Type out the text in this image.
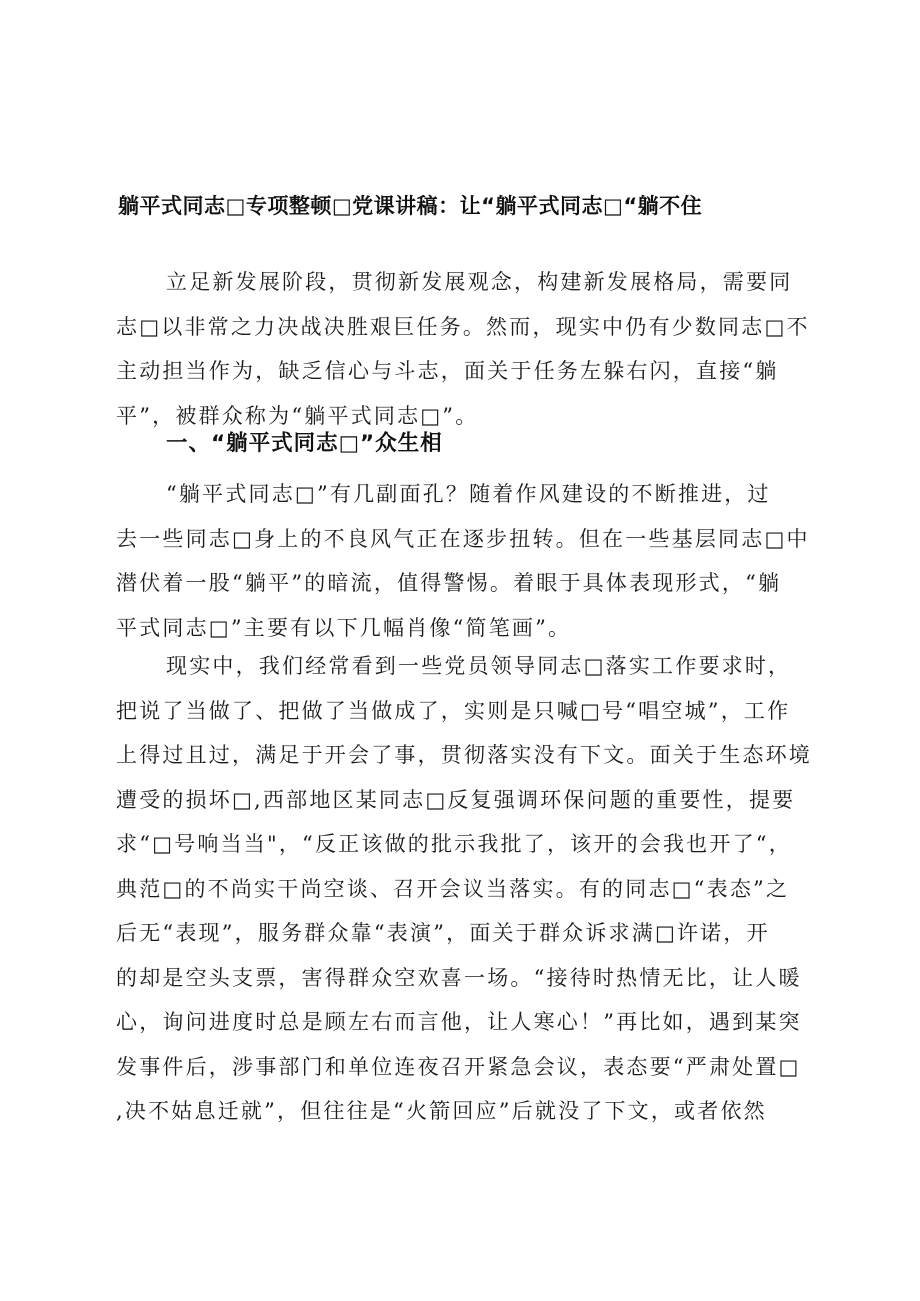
躺平式同志□专项整顿□党课讲稿：让“躺平式同志□“躺不住
立足新发展阶段，贯彻新发展观念，构建新发展格局，需要同
志□以非常之力决战决胜艰巨任务。然而，现实中仍有少数同志□不
主动担当作为，缺乏信心与斗志，面关于任务左躲右闪，直接“躺
平”，被群众称为“躺平式同志□”。
一、“躺平式同志□”众生相
“躺平式同志□”有几副面孔？随着作风建设的不断推进，过
去一些同志□身上的不良风气正在逐步扭转。但在一些基层同志□中
潜伏着一股“躺平”的暗流，值得警惕。着眼于具体表现形式，“躺
平式同志□”主要有以下几幅肖像“简笔画”。
现实中，我们经常看到一些党员领导同志□落实工作要求时，
把说了当做了、把做了当做成了，实则是只喊□号“唱空城”，工作
上得过且过，满足于开会了事，贯彻落实没有下文。面关于生态环境
遭受的损坏□,西部地区某同志□反复强调环保问题的重要性，提要
求“□号响当当"，“反正该做的批示我批了，该开的会我也开了“，
典范□的不尚实干尚空谈、召开会议当落实。有的同志□“表态”之
后无“表现”，服务群众靠“表演”，面关于群众诉求满□许诺，开
的却是空头支票，害得群众空欢喜一场。“接待时热情无比，让人暖
心，询问进度时总是顾左右而言他，让人寒心！”再比如，遇到某突
发事件后，涉事部门和单位连夜召开紧急会议，表态要“严肃处置□
,决不姑息迁就”，但往往是“火箭回应”后就没了下文，或者依然
